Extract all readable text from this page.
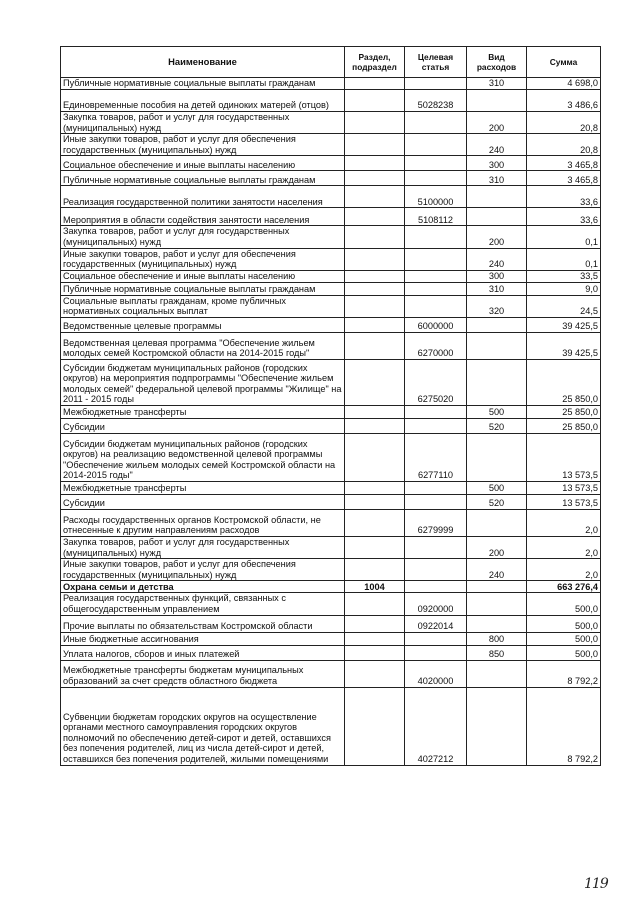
Наименование	Раздел, подраздел	Целевая статья	Вид расходов	Сумма
Публичные нормативные социальные выплаты гражданам			310	4 698,0
Единовременные пособия на детей одиноких матерей (отцов)		5028238		3 486,6
Закупка товаров, работ и услуг для государственных (муниципальных) нужд			200	20,8
Иные закупки товаров, работ и услуг для обеспечения государственных (муниципальных) нужд			240	20,8
Социальное обеспечение и иные выплаты населению			300	3 465,8
Публичные нормативные социальные выплаты гражданам			310	3 465,8
Реализация государственной политики занятости населения		5100000		33,6
Мероприятия в области содействия занятости населения		5108112		33,6
Закупка товаров, работ и услуг для государственных (муниципальных) нужд			200	0,1
Иные закупки товаров, работ и услуг для обеспечения государственных (муниципальных) нужд			240	0,1
Социальное обеспечение и иные выплаты населению			300	33,5
Публичные нормативные социальные выплаты гражданам			310	9,0
Социальные выплаты гражданам, кроме публичных нормативных социальных выплат			320	24,5
Ведомственные целевые программы		6000000		39 425,5
Ведомственная целевая программа "Обеспечение жильем молодых семей Костромской области на 2014-2015 годы"		6270000		39 425,5
Субсидии бюджетам муниципальных районов (городских округов) на мероприятия подпрограммы "Обеспечение жильем молодых семей" федеральной целевой программы "Жилище" на 2011 - 2015 годы		6275020		25 850,0
Межбюджетные трансферты			500	25 850,0
Субсидии			520	25 850,0
Субсидии бюджетам муниципальных районов (городских округов) на реализацию ведомственной целевой программы "Обеспечение жильем молодых семей Костромской области на 2014-2015 годы"		6277110		13 573,5
Межбюджетные трансферты			500	13 573,5
Субсидии			520	13 573,5
Расходы государственных органов Костромской области, не отнесенные к другим направлениям расходов		6279999		2,0
Закупка товаров, работ и услуг для государственных (муниципальных) нужд			200	2,0
Иные закупки товаров, работ и услуг для обеспечения государственных (муниципальных) нужд			240	2,0
Охрана семьи и детства	1004			663 276,4
Реализация государственных функций, связанных с общегосударственным управлением		0920000		500,0
Прочие выплаты по обязательствам Костромской области		0922014		500,0
Иные бюджетные ассигнования			800	500,0
Уплата налогов, сборов и иных платежей			850	500,0
Межбюджетные трансферты бюджетам муниципальных образований за счет средств областного бюджета		4020000		8 792,2
Субвенции бюджетам городских округов на осуществление органами местного самоуправления городских округов полномочий по обеспечению детей-сирот и детей, оставшихся без попечения родителей, лиц из числа детей-сирот и детей, оставшихся без попечения родителей, жилыми помещениями		4027212		8 792,2
119
